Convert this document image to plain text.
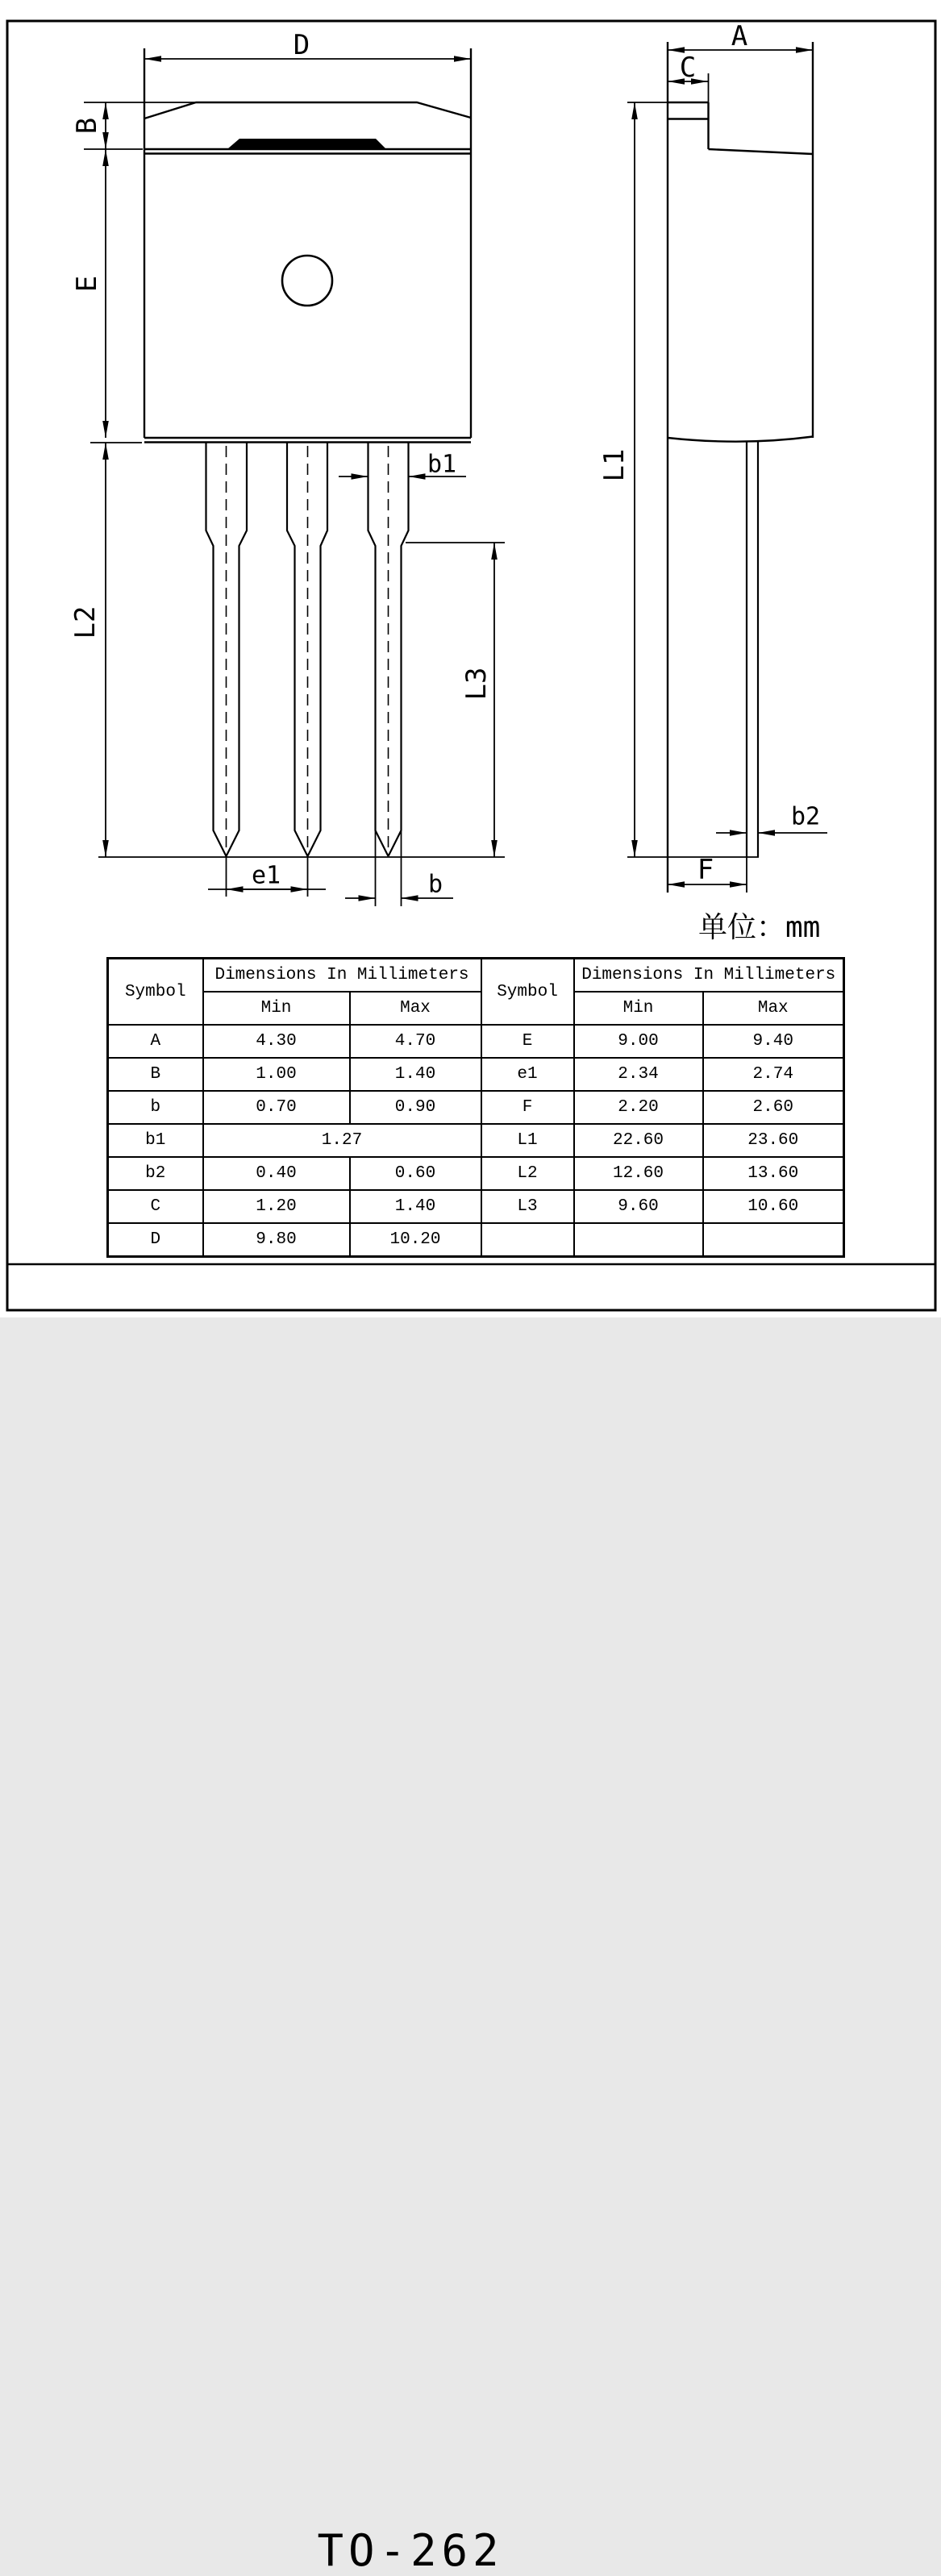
D
B
E
L2
L3
b1
e1	b
A
C
L1
b2
F
单位：mm
Symbol	Dimensions In Millimeters		Symbol	Dimensions In Millimeters	
	Min	Max		Min	Max
A	4.30	4.70	E	9.00	9.40
B	1.00	1.40	e1	2.34	2.74
b	0.70	0.90	F	2.20	2.60
b1	1.27		L1	22.60	23.60
b2	0.40	0.60	L2	12.60	13.60
C	1.20	1.40	L3	9.60	10.60
D	9.80	10.20			
TO-262
